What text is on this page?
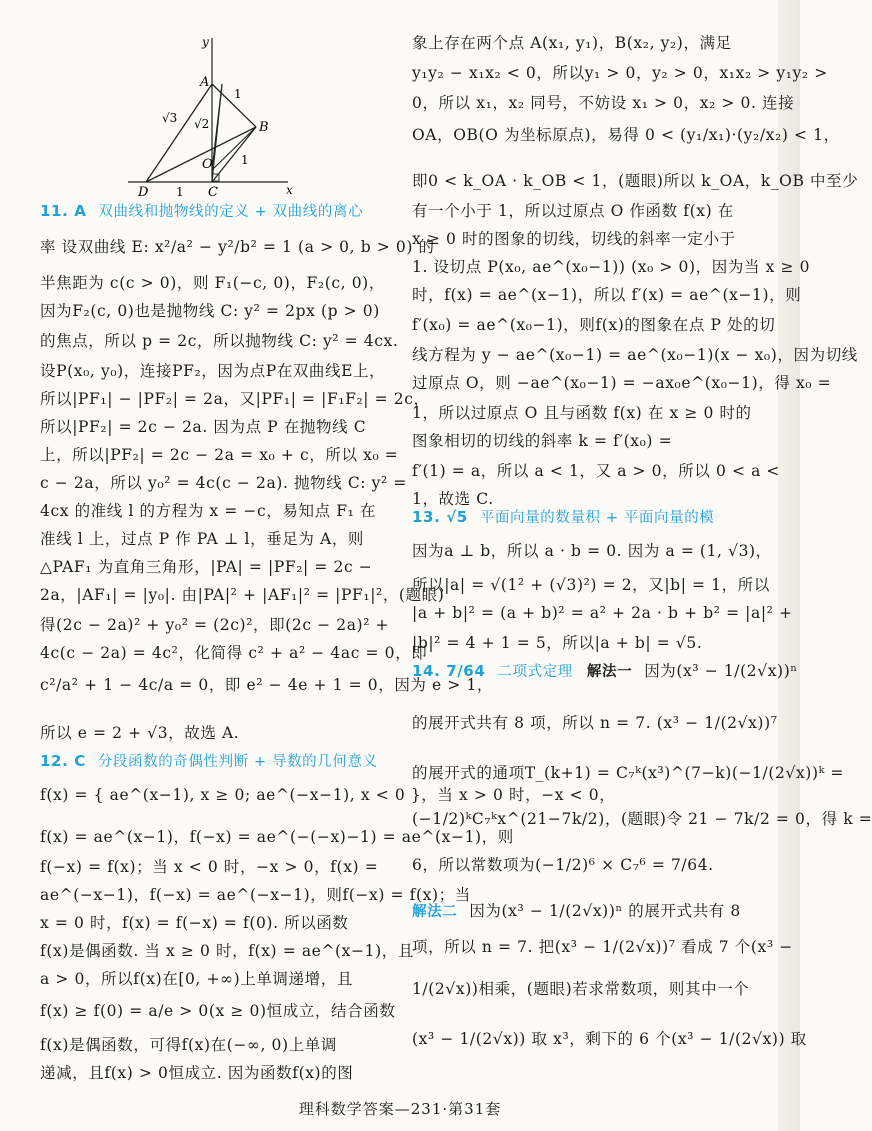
y
x
A
B
C
D
O
1
1
1
√3 √2
11. A 双曲线和抛物线的定义 + 双曲线的离心
率 设双曲线 E: x²/a² − y²/b² = 1 (a > 0, b > 0) 的
半焦距为 c(c > 0)，则 F₁(−c, 0)，F₂(c, 0)，
因为F₂(c, 0)也是抛物线 C: y² = 2px (p > 0)
的焦点，所以 p = 2c，所以抛物线 C: y² = 4cx.
设P(x₀, y₀)，连接PF₂，因为点P在双曲线E上，
所以|PF₁| − |PF₂| = 2a，又|PF₁| = |F₁F₂| = 2c，
所以|PF₂| = 2c − 2a. 因为点 P 在抛物线 C
上，所以|PF₂| = 2c − 2a = x₀ + c，所以 x₀ =
c − 2a，所以 y₀² = 4c(c − 2a). 抛物线 C: y² =
4cx 的准线 l 的方程为 x = −c，易知点 F₁ 在
准线 l 上，过点 P 作 PA ⊥ l，垂足为 A，则
△PAF₁ 为直角三角形，|PA| = |PF₂| = 2c −
2a，|AF₁| = |y₀|. 由|PA|² + |AF₁|² = |PF₁|²，(题眼)
得(2c − 2a)² + y₀² = (2c)²，即(2c − 2a)² +
4c(c − 2a) = 4c²，化简得 c² + a² − 4ac = 0，即
c²/a² + 1 − 4c/a = 0，即 e² − 4e + 1 = 0，因为 e > 1，
所以 e = 2 + √3，故选 A.
12. C 分段函数的奇偶性判断 + 导数的几何意义
f(x) = { ae^(x−1), x ≥ 0; ae^(−x−1), x < 0 }，当 x > 0 时，−x < 0，
f(x) = ae^(x−1)，f(−x) = ae^(−(−x)−1) = ae^(x−1)，则
f(−x) = f(x)；当 x < 0 时，−x > 0，f(x) =
ae^(−x−1)，f(−x) = ae^(−x−1)，则f(−x) = f(x)；当
x = 0 时，f(x) = f(−x) = f(0). 所以函数
f(x)是偶函数. 当 x ≥ 0 时，f(x) = ae^(x−1)，且
a > 0，所以f(x)在[0, +∞)上单调递增，且
f(x) ≥ f(0) = a/e > 0(x ≥ 0)恒成立，结合函数
f(x)是偶函数，可得f(x)在(−∞, 0)上单调
递减，且f(x) > 0恒成立. 因为函数f(x)的图
象上存在两个点 A(x₁, y₁)，B(x₂, y₂)，满足
y₁y₂ − x₁x₂ < 0，所以y₁ > 0，y₂ > 0，x₁x₂ > y₁y₂ >
0，所以 x₁，x₂ 同号，不妨设 x₁ > 0，x₂ > 0. 连接
OA，OB(O 为坐标原点)，易得 0 < (y₁/x₁)·(y₂/x₂) < 1，
即0 < k_OA · k_OB < 1，(题眼)所以 k_OA，k_OB 中至少
有一个小于 1，所以过原点 O 作函数 f(x) 在
x ≥ 0 时的图象的切线，切线的斜率一定小于
1. 设切点 P(x₀, ae^(x₀−1)) (x₀ > 0)，因为当 x ≥ 0
时，f(x) = ae^(x−1)，所以 f′(x) = ae^(x−1)，则
f′(x₀) = ae^(x₀−1)，则f(x)的图象在点 P 处的切
线方程为 y − ae^(x₀−1) = ae^(x₀−1)(x − x₀)，因为切线
过原点 O，则 −ae^(x₀−1) = −ax₀e^(x₀−1)，得 x₀ =
1，所以过原点 O 且与函数 f(x) 在 x ≥ 0 时的
图象相切的切线的斜率 k = f′(x₀) =
f′(1) = a，所以 a < 1，又 a > 0，所以 0 < a <
1，故选 C.
13. √5 平面向量的数量积 + 平面向量的模
因为a ⊥ b，所以 a · b = 0. 因为 a = (1, √3)，
所以|a| = √(1² + (√3)²) = 2，又|b| = 1，所以
|a + b|² = (a + b)² = a² + 2a · b + b² = |a|² +
|b|² = 4 + 1 = 5，所以|a + b| = √5.
14. 7/64 二项式定理 解法一 因为(x³ − 1/(2√x))ⁿ
的展开式共有 8 项，所以 n = 7. (x³ − 1/(2√x))⁷
的展开式的通项T_(k+1) = C₇ᵏ(x³)^(7−k)(−1/(2√x))ᵏ =
(−1/2)ᵏC₇ᵏx^(21−7k/2)，(题眼)令 21 − 7k/2 = 0，得 k =
6，所以常数项为(−1/2)⁶ × C₇⁶ = 7/64.
解法二 因为(x³ − 1/(2√x))ⁿ 的展开式共有 8
项，所以 n = 7. 把(x³ − 1/(2√x))⁷ 看成 7 个(x³ −
1/(2√x))相乘，(题眼)若求常数项，则其中一个
(x³ − 1/(2√x)) 取 x³，剩下的 6 个(x³ − 1/(2√x)) 取
理科数学答案—231·第31套
